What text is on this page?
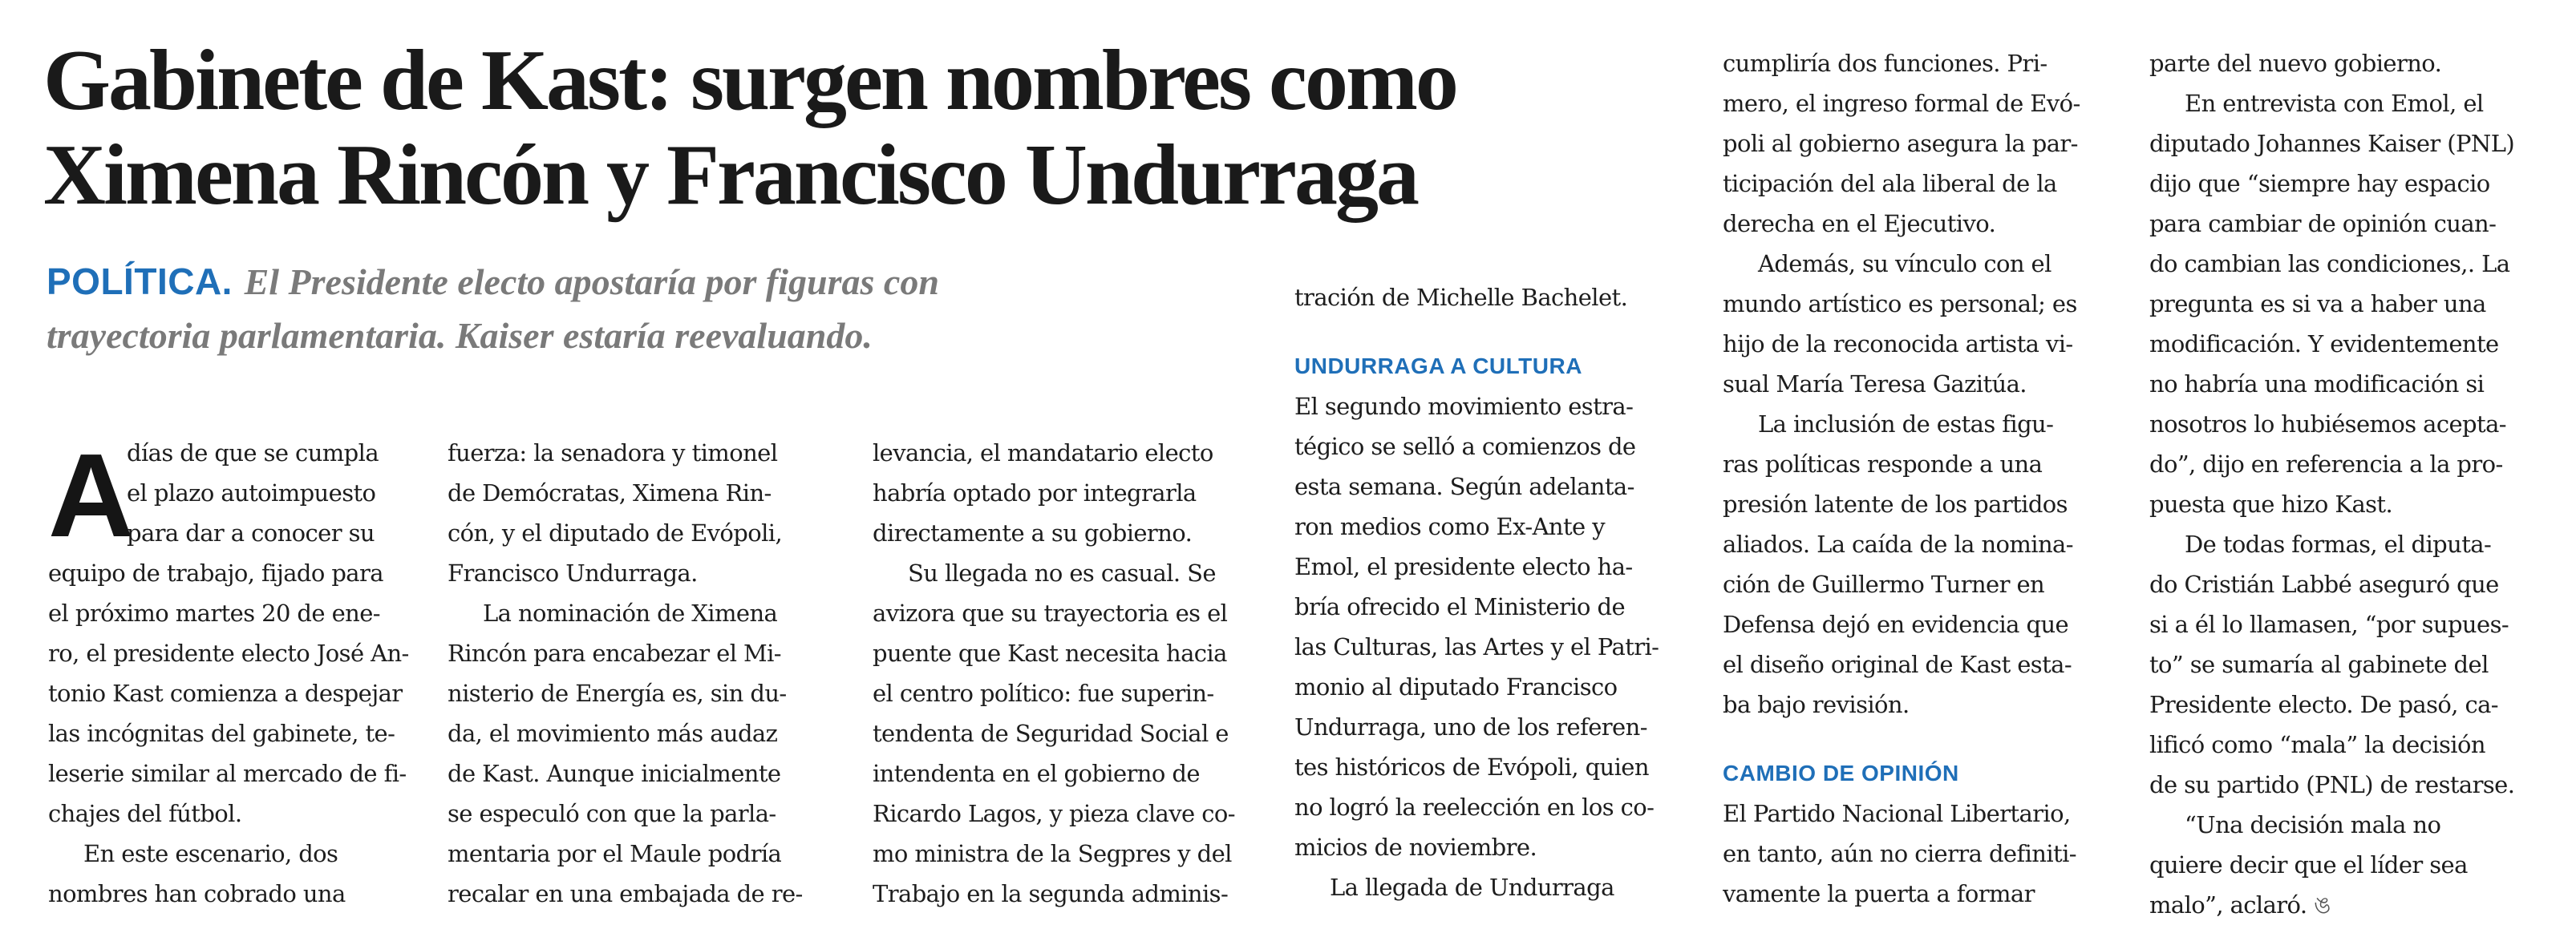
Gabinete de Kast: surgen nombres como
Ximena Rincón y Francisco Undurraga
POLÍTICA. El Presidente electo apostaría por figuras con
trayectoria parlamentaria. Kaiser estaría reevaluando.
A
días de que se cumpla
el plazo autoimpuesto
para dar a conocer su
equipo de trabajo, fijado para
el próximo martes 20 de ene-
ro, el presidente electo José An-
tonio Kast comienza a despejar
las incógnitas del gabinete, te-
leserie similar al mercado de fi-
chajes del fútbol.
En este escenario, dos
nombres han cobrado una
fuerza: la senadora y timonel
de Demócratas, Ximena Rin-
cón, y el diputado de Evópoli,
Francisco Undurraga.
La nominación de Ximena
Rincón para encabezar el Mi-
nisterio de Energía es, sin du-
da, el movimiento más audaz
de Kast. Aunque inicialmente
se especuló con que la parla-
mentaria por el Maule podría
recalar en una embajada de re-
levancia, el mandatario electo
habría optado por integrarla
directamente a su gobierno.
Su llegada no es casual. Se
avizora que su trayectoria es el
puente que Kast necesita hacia
el centro político: fue superin-
tendenta de Seguridad Social e
intendenta en el gobierno de
Ricardo Lagos, y pieza clave co-
mo ministra de la Segpres y del
Trabajo en la segunda adminis-
tración de Michelle Bachelet.
UNDURRAGA A CULTURA
El segundo movimiento estra-
tégico se selló a comienzos de
esta semana. Según adelanta-
ron medios como Ex-Ante y
Emol, el presidente electo ha-
bría ofrecido el Ministerio de
las Culturas, las Artes y el Patri-
monio al diputado Francisco
Undurraga, uno de los referen-
tes históricos de Evópoli, quien
no logró la reelección en los co-
micios de noviembre.
La llegada de Undurraga
cumpliría dos funciones. Pri-
mero, el ingreso formal de Evó-
poli al gobierno asegura la par-
ticipación del ala liberal de la
derecha en el Ejecutivo.
Además, su vínculo con el
mundo artístico es personal; es
hijo de la reconocida artista vi-
sual María Teresa Gazitúa.
La inclusión de estas figu-
ras políticas responde a una
presión latente de los partidos
aliados. La caída de la nomina-
ción de Guillermo Turner en
Defensa dejó en evidencia que
el diseño original de Kast esta-
ba bajo revisión.
CAMBIO DE OPINIÓN
El Partido Nacional Libertario,
en tanto, aún no cierra definiti-
vamente la puerta a formar
parte del nuevo gobierno.
En entrevista con Emol, el
diputado Johannes Kaiser (PNL)
dijo que “siempre hay espacio
para cambiar de opinión cuan-
do cambian las condiciones,. La
pregunta es si va a haber una
modificación. Y evidentemente
no habría una modificación si
nosotros lo hubiésemos acepta-
do”, dijo en referencia a la pro-
puesta que hizo Kast.
De todas formas, el diputa-
do Cristián Labbé aseguró que
si a él lo llamasen, “por supues-
to” se sumaría al gabinete del
Presidente electo. De pasó, ca-
lificó como “mala” la decisión
de su partido (PNL) de restarse.
“Una decisión mala no
quiere decir que el líder sea
malo”, aclaró. ঙ
